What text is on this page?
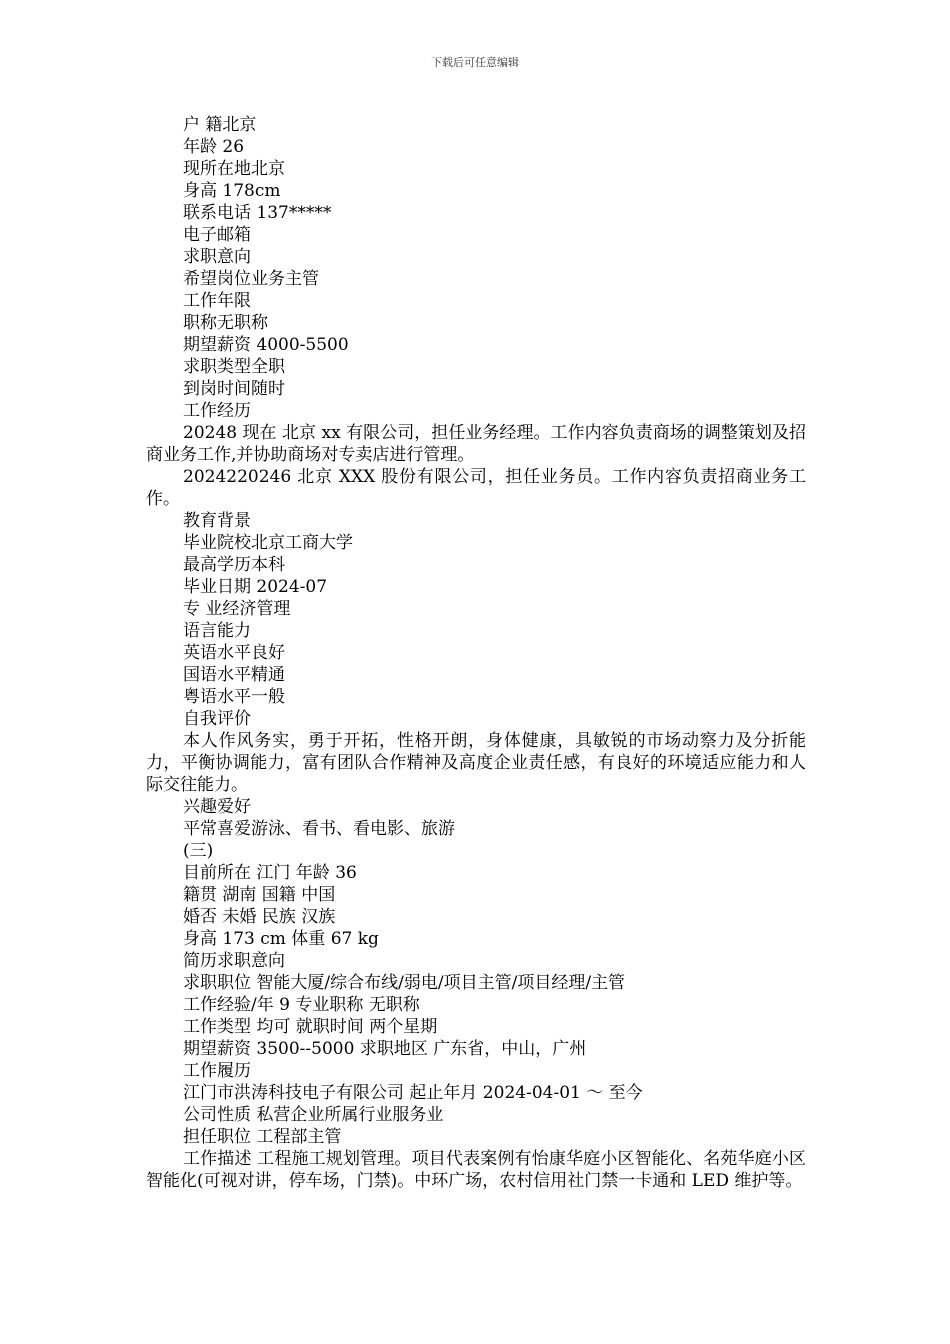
下载后可任意编辑
户 籍北京
年龄 26
现所在地北京
身高 178cm
联系电话 137*****
电子邮箱
求职意向
希望岗位业务主管
工作年限
职称无职称
期望薪资 4000-5500
求职类型全职
到岗时间随时
工作经历
20248 现在 北京 xx 有限公司，担任业务经理。工作内容负责商场的调整策划及招商业务工作,并协助商场对专卖店进行管理。
2024220246 北京 XXX 股份有限公司，担任业务员。工作内容负责招商业务工作。
教育背景
毕业院校北京工商大学
最高学历本科
毕业日期 2024-07
专 业经济管理
语言能力
英语水平良好
国语水平精通
粤语水平一般
自我评价
本人作风务实，勇于开拓，性格开朗，身体健康，具敏锐的市场动察力及分折能力，平衡协调能力，富有团队合作精神及高度企业责任感，有良好的环境适应能力和人际交往能力。
兴趣爱好
平常喜爱游泳、看书、看电影、旅游
(三)
目前所在 江门 年龄 36
籍贯 湖南 国籍 中国
婚否 未婚 民族 汉族
身高 173 cm 体重 67 kg
简历求职意向
求职职位 智能大厦/综合布线/弱电/项目主管/项目经理/主管
工作经验/年 9 专业职称 无职称
工作类型 均可 就职时间 两个星期
期望薪资 3500--5000 求职地区 广东省，中山，广州
工作履历
江门市洪涛科技电子有限公司 起止年月 2024-04-01 ～ 至今
公司性质 私营企业所属行业服务业
担任职位 工程部主管
工作描述 工程施工规划管理。项目代表案例有怡康华庭小区智能化、名苑华庭小区智能化(可视对讲，停车场，门禁)。中环广场，农村信用社门禁一卡通和 LED 维护等。
